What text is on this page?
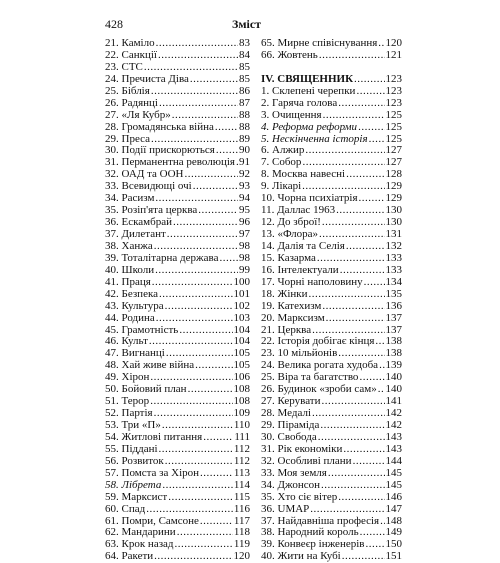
428	Зміст
21. Каміло .....	83
22. Санкції .....	84
23. СТС .....	85
24. Пречиста Діва .....	85
25. Біблія .....	86
26. Радянці .....	87
27. «Ля Кубр» .....	88
28. Громадянська війна ..... 88
29. Преса .....	89
30. Події прискорються ..... 90
31. Перманентна революція ..... 91
32. ОАД та ООН .....	92
33. Всевидющі очі .....	93
34. Расизм .....	94
35. Розіп'ята церква .....	95
36. Ескамбрай .....	96
37. Дилетант .....	97
38. Ханжа .....	98
39. Тоталітарна держава ..... 98
40. Школи .....	99
41. Праця .....	100
42. Безпека .....	101
43. Культура .....	102
44. Родина .....	103
45. Грамотність .....	104
46. Культ .....	104
47. Вигнанці .....	105
48. Хай живе війна .....	105
49. Хірон .....	106
50. Бойовий план .....	108
51. Терор .....	108
52. Партія .....	109
53. Три «П» .....	110
54. Житлові питання .....	111
55. Піддані .....	112
56. Розвиток .....	112
57. Помста за Хірон .....	113
58. Лібрета .....	114
59. Марксист .....	115
60. Спад .....	116
61. Помри, Самсоне .....	117
62. Мандарини .....	118
63. Крок назад .....	119
64. Ракети .....	120
65. Мирне співіснування ..... 120
66. Жовтень .....	121
IV. СВЯЩЕННИК .....	123
1. Склепені черепки .....	123
2. Гаряча голова .....	123
3. Очищення .....	125
4. Реформа реформи .....	125
5. Нескінченна історія ..... 125
6. Алжир .....	127
7. Собор .....	127
8. Москва навесні .....	128
9. Лікарі .....	129
10. Чорна психіатрія .....	129
11. Даллас 1963 .....	130
12. До зброї! .....	130
13. «Флора» .....	131
14. Далія та Селія .....	132
15. Казарма .....	133
16. Інтелектуали .....	133
17. Чорні наполовину ..... 134
18. Жінки .....	135
19. Катехизм .....	136
20. Марксизм .....	137
21. Церква .....	137
22. Історія добігає кінця ..... 138
23. 10 мільйонів .....	138
24. Велика рогата худоба ..... 139
25. Віра та багатство ..... 140
26. Будинок «зроби сам» ..... 140
27. Керувати .....	141
28. Медалі .....	142
29. Піраміда .....	142
30. Свобода .....	143
31. Рік економіки .....	143
32. Особливі плани .....	144
33. Моя земля .....	145
34. Джонсон .....	145
35. Хто сіє вітер .....	146
36. UMAP .....	147
37. Найдавніша професія ..... 148
38. Народний король ..... 149
39. Конвеєр інженерів ..... 150
40. Жити на Кубі .....	151
